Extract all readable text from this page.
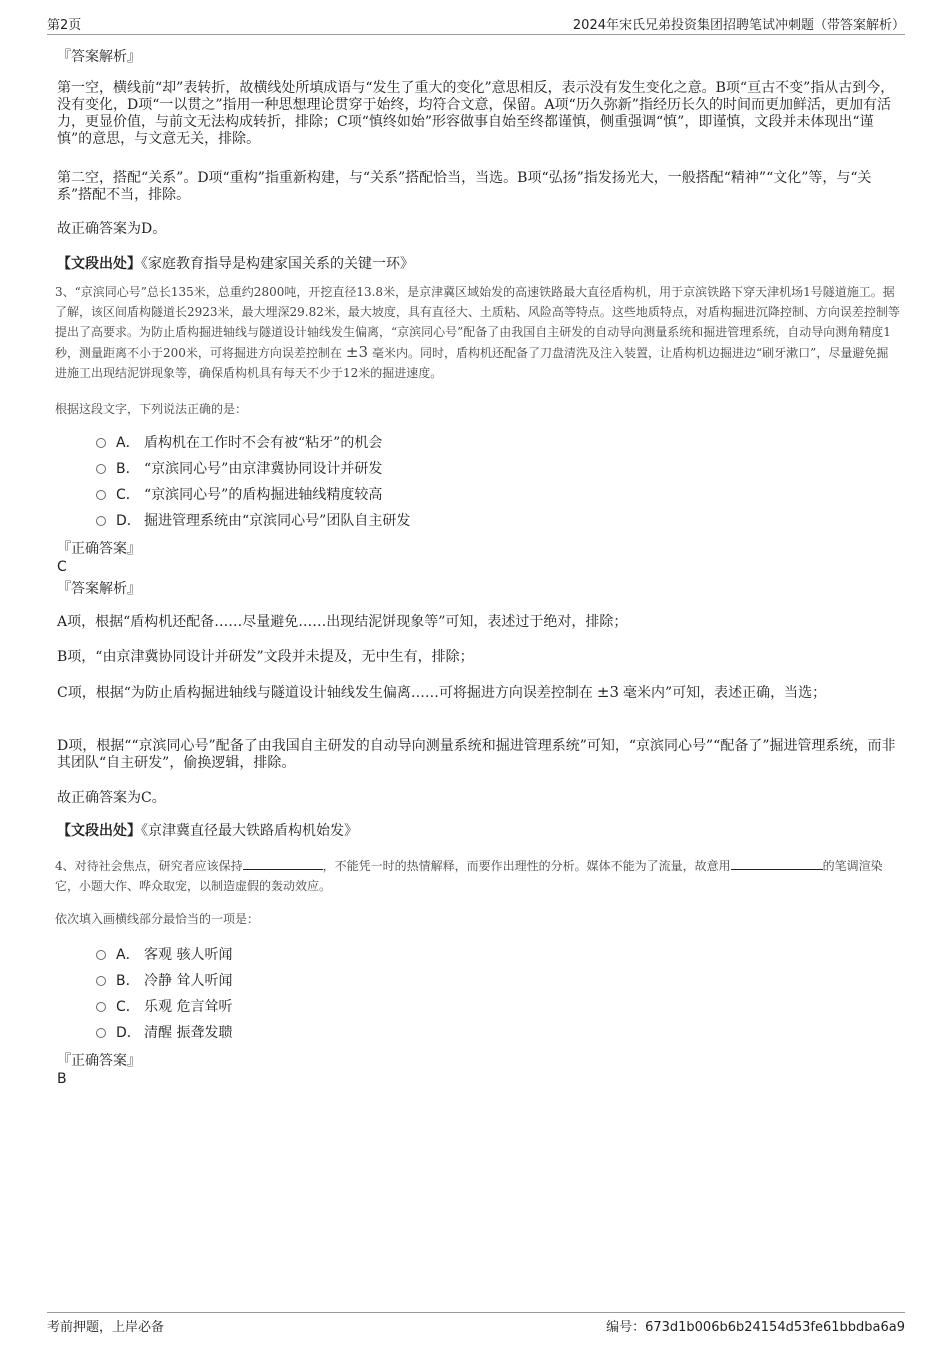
第2页	2024年宋氏兄弟投资集团招聘笔试冲刺题（带答案解析）
『答案解析』

第一空，横线前“却”表转折，故横线处所填成语与“发生了重大的变化”意思相反，表示没有发生变化之意。B项“亘古不变”指从古到今，没有变化，D项“一以贯之”指用一种思想理论贯穿于始终，均符合文意，保留。A项“历久弥新”指经历长久的时间而更加鲜活，更加有活力，更显价值，与前文无法构成转折，排除；C项“慎终如始”形容做事自始至终都谨慎，侧重强调“慎”，即谨慎，文段并未体现出“谨慎”的意思，与文意无关，排除。

第二空，搭配“关系”。D项“重构”指重新构建，与“关系”搭配恰当，当选。B项“弘扬”指发扬光大，一般搭配“精神”“文化”等，与“关系”搭配不当，排除。

故正确答案为D。

【文段出处】《家庭教育指导是构建家国关系的关键一环》

3、“京滨同心号”总长135米，总重约2800吨，开挖直径13.8米，是京津冀区域始发的高速铁路最大直径盾构机，用于京滨铁路下穿天津机场1号隧道施工。据了解，该区间盾构隧道长2923米，最大埋深29.82米，最大坡度，具有直径大、土质粘、风险高等特点。这些地质特点，对盾构掘进沉降控制、方向误差控制等提出了高要求。为防止盾构掘进轴线与隧道设计轴线发生偏离，“京滨同心号”配备了由我国自主研发的自动导向测量系统和掘进管理系统，自动导向测角精度1秒，测量距离不小于200米，可将掘进方向误差控制在 ±3 毫米内。同时，盾构机还配备了刀盘清洗及注入装置，让盾构机边掘进边“刷牙漱口”，尽量避免掘进施工出现结泥饼现象等，确保盾构机具有每天不少于12米的掘进速度。

根据这段文字，下列说法正确的是：

A． 盾构机在工作时不会有被“粘牙”的机会
B． “京滨同心号”由京津冀协同设计并研发
C． “京滨同心号”的盾构掘进轴线精度较高
D． 掘进管理系统由“京滨同心号”团队自主研发
『正确答案』
C
『答案解析』

A项，根据“盾构机还配备……尽量避免……出现结泥饼现象等”可知，表述过于绝对，排除；

B项，“由京津冀协同设计并研发”文段并未提及，无中生有，排除；

C项，根据“为防止盾构掘进轴线与隧道设计轴线发生偏离……可将掘进方向误差控制在 ±3 毫米内”可知，表述正确，当选；

D项，根据““京滨同心号”配备了由我国自主研发的自动导向测量系统和掘进管理系统”可知，“京滨同心号”“配备了”掘进管理系统，而非其团队“自主研发”，偷换逻辑，排除。

故正确答案为C。

【文段出处】《京津冀直径最大铁路盾构机始发》

4、对待社会焦点，研究者应该保持	，不能凭一时的热情解释，而要作出理性的分析。媒体不能为了流量，故意用	的笔调渲染它，小题大作、哗众取宠，以制造虚假的轰动效应。

依次填入画横线部分最恰当的一项是：

A． 客观 骇人听闻
B． 冷静 耸人听闻
C． 乐观 危言耸听
D． 清醒 振聋发聩
『正确答案』
B
考前押题，上岸必备	编号：673d1b006b6b24154d53fe61bbdba6a9
